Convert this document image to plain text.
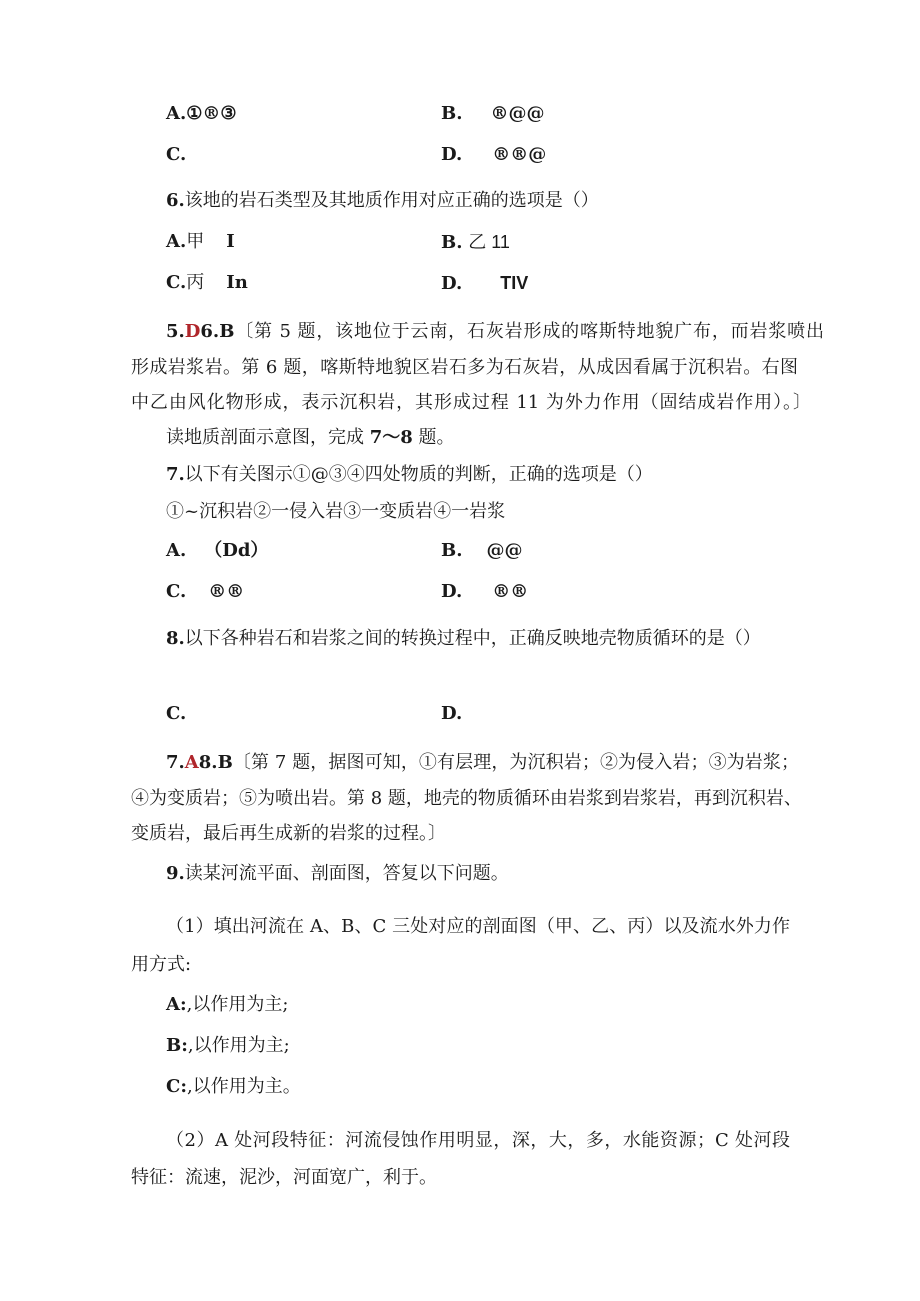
A.①®③	B. ®@@
C.	D. ®®@
6.该地的岩石类型及其地质作用对应正确的选项是（）
A.甲 I	B. 乙 11
C.丙 In	D. TIV
5.D6.B〔第 5 题，该地位于云南，石灰岩形成的喀斯特地貌广布，而岩浆喷出
形成岩浆岩。第 6 题，喀斯特地貌区岩石多为石灰岩，从成因看属于沉积岩。右图
中乙由风化物形成，表示沉积岩，其形成过程 11 为外力作用（固结成岩作用）。〕
读地质剖面示意图，完成 7～8 题。
7.以下有关图示①@③④四处物质的判断，正确的选项是（）
①~沉积岩②一侵入岩③一变质岩④一岩浆
A. （Dd）	B. @@
C. ®®	D. ®®
8.以下各种岩石和岩浆之间的转换过程中，正确反映地壳物质循环的是（）
C.	D.
7.A8.B〔第 7 题，据图可知，①有层理，为沉积岩；②为侵入岩；③为岩浆；
④为变质岩；⑤为喷出岩。第 8 题，地壳的物质循环由岩浆到岩浆岩，再到沉积岩、
变质岩，最后再生成新的岩浆的过程。〕
9.读某河流平面、剖面图，答复以下问题。
（1）填出河流在 A、B、C 三处对应的剖面图（甲、乙、丙）以及流水外力作
用方式:
A:,以作用为主;
B:,以作用为主;
C:,以作用为主。
（2）A 处河段特征：河流侵蚀作用明显，深，大，多，水能资源；C 处河段
特征：流速，泥沙，河面宽广，利于。
